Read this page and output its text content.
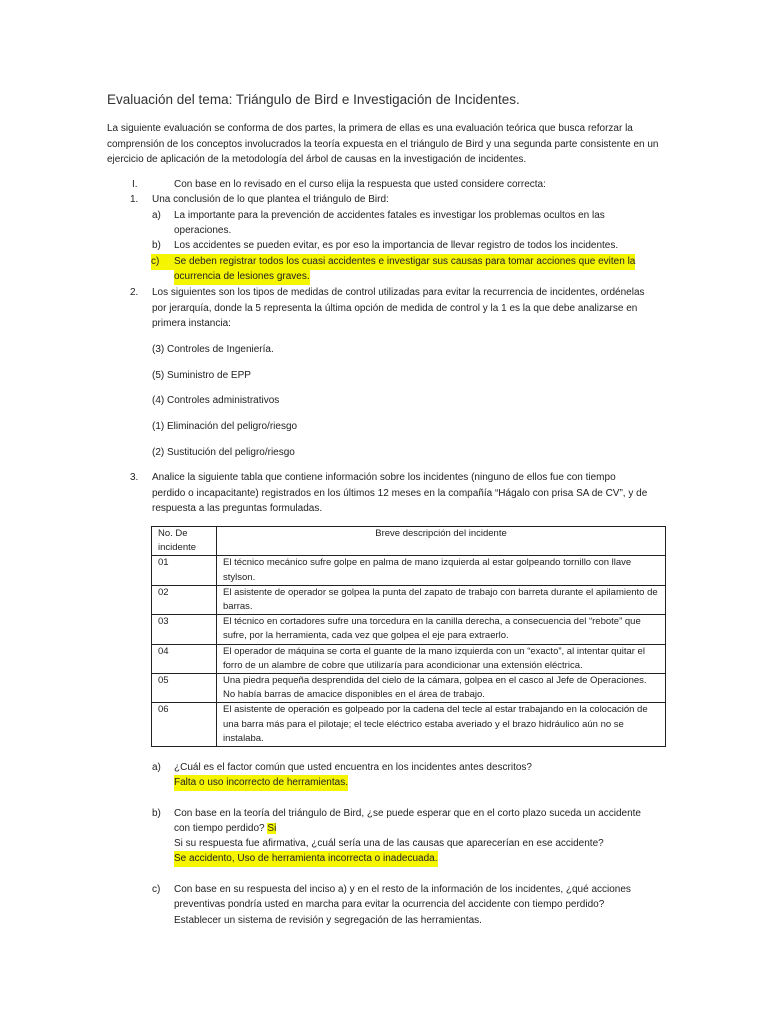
Evaluación del tema: Triángulo de Bird e Investigación de Incidentes.
La siguiente evaluación se conforma de dos partes, la primera de ellas es una evaluación teórica que busca reforzar la comprensión de los conceptos involucrados la teoría expuesta en el triángulo de Bird y una segunda parte consistente en un ejercicio de aplicación de la metodología del árbol de causas en la investigación de incidentes.
I.	Con base en lo revisado en el curso elija la respuesta que usted considere correcta:
1. Una conclusión de lo que plantea el triángulo de Bird:
a) La importante para la prevención de accidentes fatales es investigar los problemas ocultos en las
operaciones.
b) Los accidentes se pueden evitar, es por eso la importancia de llevar registro de todos los incidentes.
c)	Se deben registrar todos los cuasi accidentes e investigar sus causas para tomar acciones que eviten la
ocurrencia de lesiones graves.
2. Los siguientes son los tipos de medidas de control utilizadas para evitar la recurrencia de incidentes, ordénelas
por jerarquía, donde la 5 representa la última opción de medida de control y la 1 es la que debe analizarse en
primera instancia:
(3) Controles de Ingeniería.
(5) Suministro de EPP
(4) Controles administrativos
(1) Eliminación del peligro/riesgo
(2) Sustitución del peligro/riesgo
3. Analice la siguiente tabla que contiene información sobre los incidentes (ninguno de ellos fue con tiempo
perdido o incapacitante) registrados en los últimos 12 meses en la compañía “Hágalo con prisa SA de CV”, y de
respuesta a las preguntas formuladas.
No. De incidente	Breve descripción del incidente
01	El técnico mecánico sufre golpe en palma de mano izquierda al estar golpeando tornillo con llave stylson.
02	El asistente de operador se golpea la punta del zapato de trabajo con barreta durante el apilamiento de barras.
03	El técnico en cortadores sufre una torcedura en la canilla derecha, a consecuencia del “rebote” que sufre, por la herramienta, cada vez que golpea el eje para extraerlo.
04	El operador de máquina se corta el guante de la mano izquierda con un “exacto”, al intentar quitar el forro de un alambre de cobre que utilizaría para acondicionar una extensión eléctrica.
05	Una piedra pequeña desprendida del cielo de la cámara, golpea en el casco al Jefe de Operaciones. No había barras de amacice disponibles en el área de trabajo.
06	El asistente de operación es golpeado por la cadena del tecle al estar trabajando en la colocación de una barra más para el pilotaje; el tecle eléctrico estaba averiado y el brazo hidráulico aún no se instalaba.
a) ¿Cuál es el factor común que usted encuentra en los incidentes antes descritos?
Falta o uso incorrecto de herramientas.
b) Con base en la teoría del triángulo de Bird, ¿se puede esperar que en el corto plazo suceda un accidente
con tiempo perdido? Si
Si su respuesta fue afirmativa, ¿cuál sería una de las causas que aparecerían en ese accidente?
Se accidento, Uso de herramienta incorrecta o inadecuada.
c) Con base en su respuesta del inciso a) y en el resto de la información de los incidentes, ¿qué acciones
preventivas pondría usted en marcha para evitar la ocurrencia del accidente con tiempo perdido?
Establecer un sistema de revisión y segregación de las herramientas.
